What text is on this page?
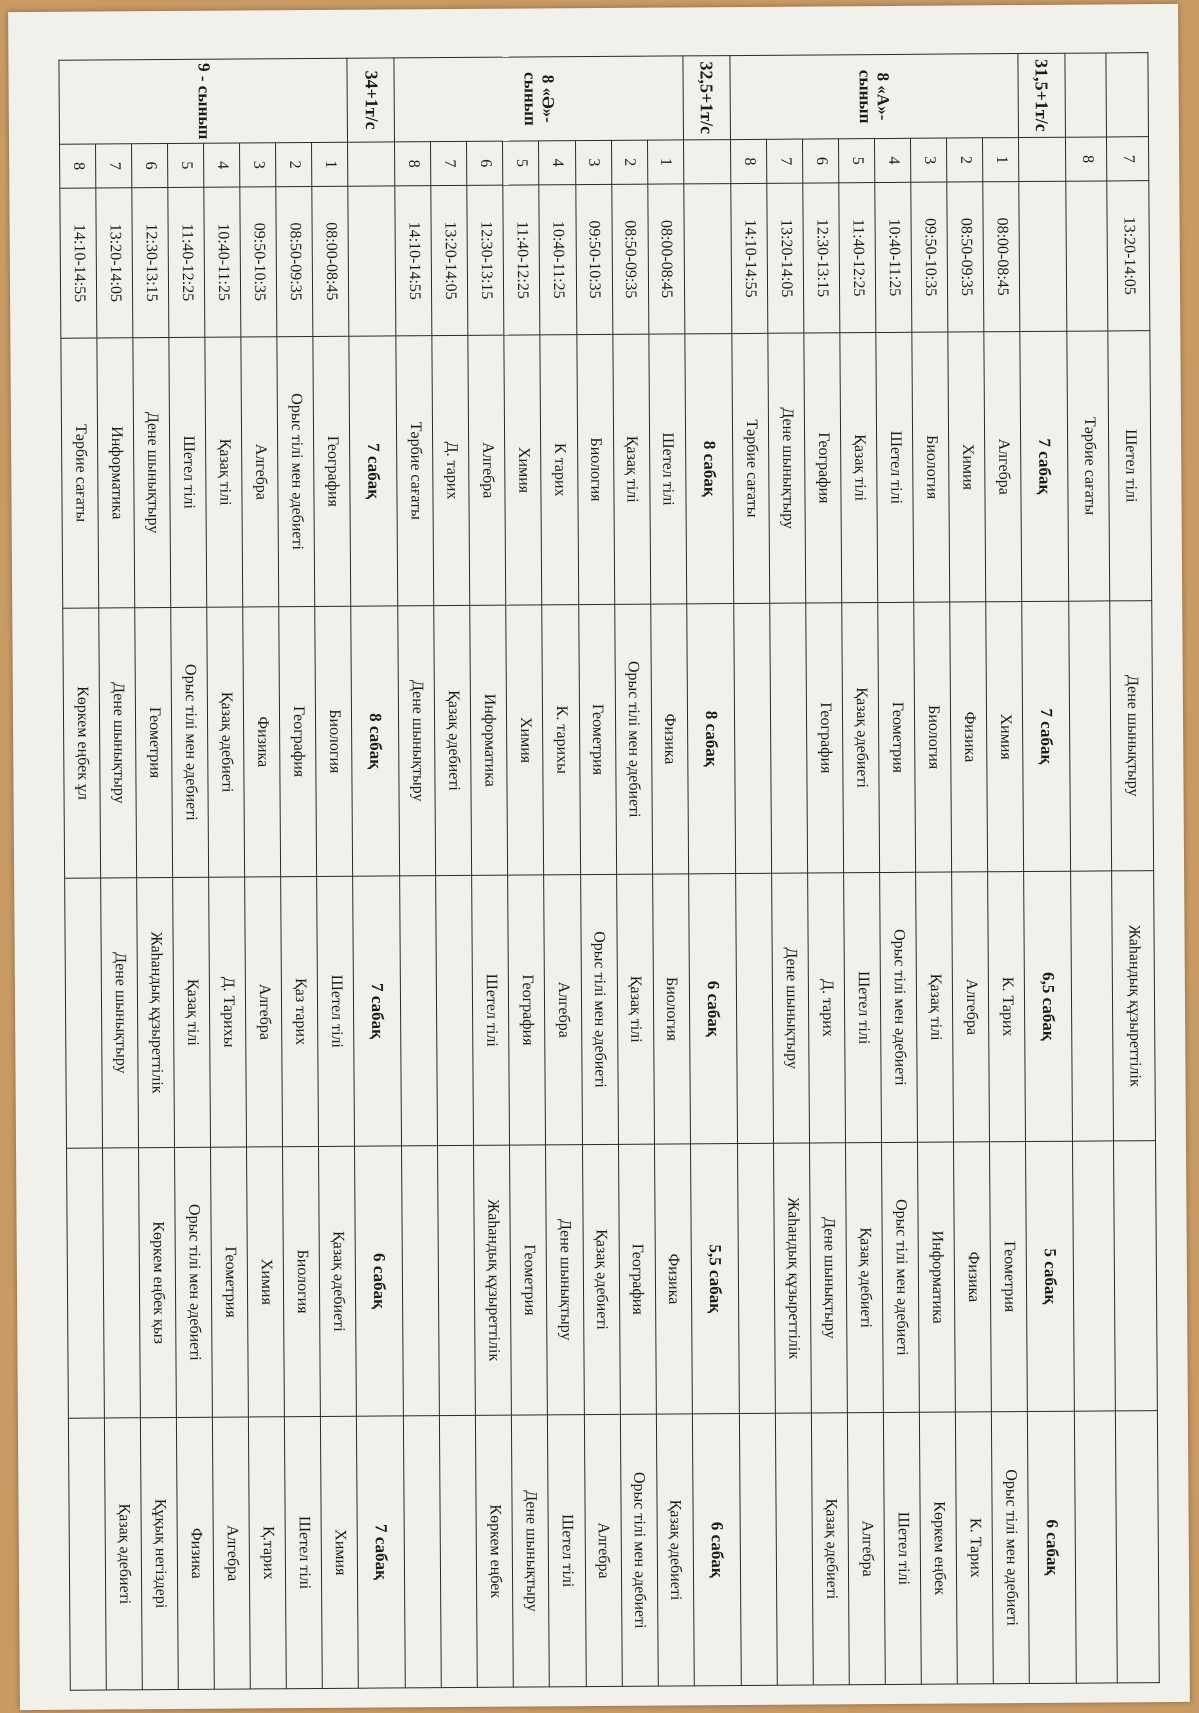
	7	13:20-14:05	Шетел тілі	Дене шынықтыру	Жаһандық құзыреттілік		
	8		Тәрбие сағаты				
31,5+1т/с			7 сабақ	7 сабақ	6,5 сабақ	5 сабақ	6 сабақ
8 «А»- сынып	1	08:00-08:45	Алгебра	Химия	К. Тарих	Геометрия	Орыс тілі мен әдебиеті
	2	08:50-09:35	Химия	Физика	Алгебра	Физика	К. Тарих
	3	09:50-10:35	Биология	Биология	Қазақ тілі	Информатика	Көркем еңбек
	4	10:40-11:25	Шетел тілі	Геометрия	Орыс тілі мен әдебиеті	Орыс тілі мен әдебиеті	Шетел тілі
	5	11:40-12:25	Қазақ тілі	Қазақ әдебиеті	Шетел тілі	Қазақ әдебиеті	Алгебра
	6	12:30-13:15	География	География	Д. тарих	Дене шынықтыру	Қазақ әдебиеті
	7	13:20-14:05	Дене шынықтыру		Дене шынықтыру	Жаһандық құзыреттілік	
	8	14:10-14:55	Тәрбие сағаты				
32,5+1т/с			8 сабақ	8 сабақ	6 сабақ	5,5 сабақ	6 сабақ
8 «Ә»- сынып	1	08:00-08:45	Шетел тілі	Физика	Биология	Физика	Қазақ әдебиеті
	2	08:50-09:35	Қазақ тілі	Орыс тілі мен әдебиеті	Қазақ тілі	География	Орыс тілі мен әдебиеті
	3	09:50-10:35	Биология	Геометрия	Орыс тілі мен әдебиеті	Қазақ әдебиеті	Алгебра
	4	10:40-11:25	К тарих	К. тарихы	Алгебра	Дене шынықтыру	Шетел тілі
	5	11:40-12:25	Химия	Химия	География	Геометрия	Дене шынықтыру
	6	12:30-13:15	Алгебра	Информатика	Шетел тілі	Жаһандық құзыреттілік	Көркем еңбек
	7	13:20-14:05	Д. тарих	Қазақ әдебиеті			
	8	14:10-14:55	Тәрбие сағаты	Дене шынықтыру			
34+1т/с			7 сабақ	8 сабақ	7 сабақ	6 сабақ	7 сабақ
9 - сынып	1	08:00-08:45	География	Биология	Шетел тілі	Қазақ әдебиеті	Химия
	2	08:50-09:35	Орыс тілі мен әдебиеті	География	Қаз тарих	Биология	Шетел тілі
	3	09:50-10:35	Алгебра	Физика	Алгебра	Химия	Қ.тарих
	4	10:40-11:25	Қазақ тілі	Қазақ әдебиеті	Д. Тарихы	Геометрия	Алгебра
	5	11:40-12:25	Шетел тілі	Орыс тілі мен әдебиеті	Қазақ тілі	Орыс тілі мен әдебиеті	Физика
	6	12:30-13:15	Дене шынықтыру	Геометрия	Жаһандық құзыреттілік	Көркем еңбек қыз	Құқық негіздері
	7	13:20-14:05	Информатика	Дене шынықтыру	Дене шынықтыру		Қазақ әдебиеті
	8	14:10-14:55	Тәрбие сағаты	Көркем еңбек ұл			
